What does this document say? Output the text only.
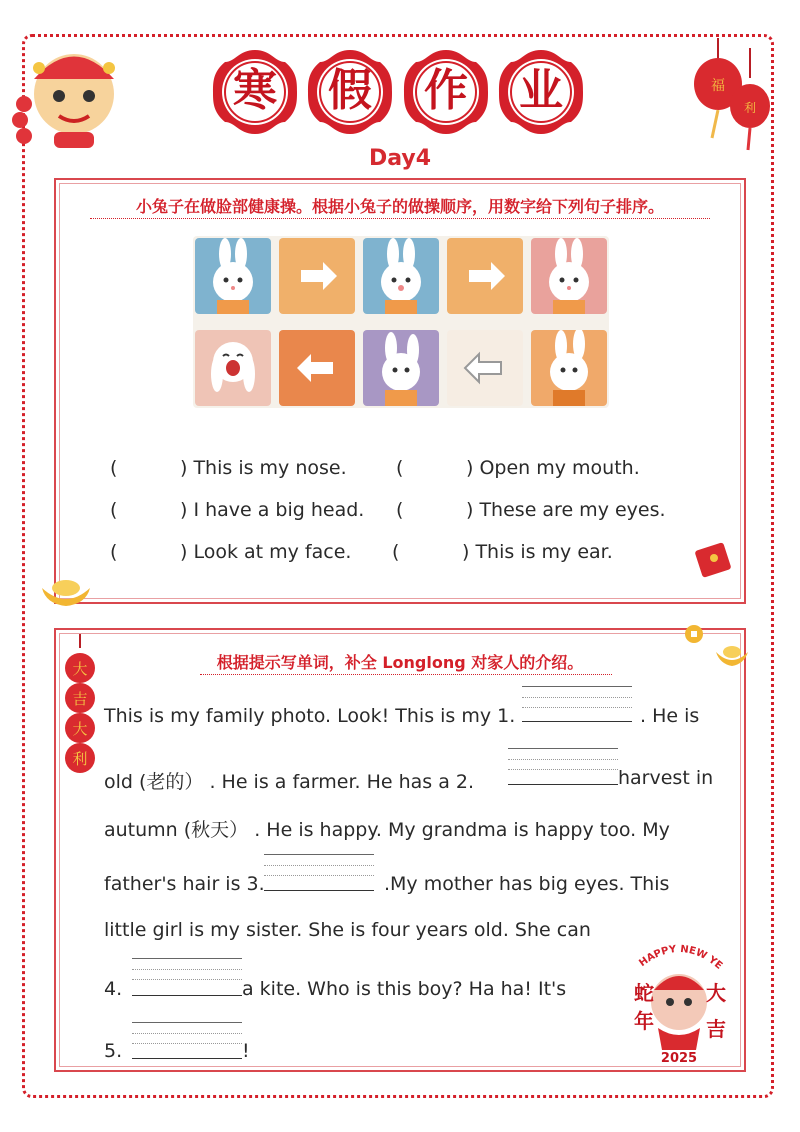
福
利
寒	假	作	业
Day4
小兔子在做脸部健康操。根据小兔子的做操顺序，用数字给下列句子排序。
(	) This is my nose.	(	) Open my mouth.
(	) I have a big head. (	) These are my eyes.
(	) Look at my face. (	) This is my ear.
根据提示写单词，补全 Longlong 对家人的介绍。
大
吉
大
利
This is my family photo. Look! This is my 1.	. He is
old (老的） . He is a farmer. He has a 2.	harvest in
autumn (秋天） . He is happy. My grandma is happy too. My
father's hair is 3.	.My mother has big eyes. This
little girl is my sister. She is four years old. She can
4.	a kite. Who is this boy? Ha ha! It's
5.	!
HAPPY NEW YE
蛇
年
大
吉
2025
